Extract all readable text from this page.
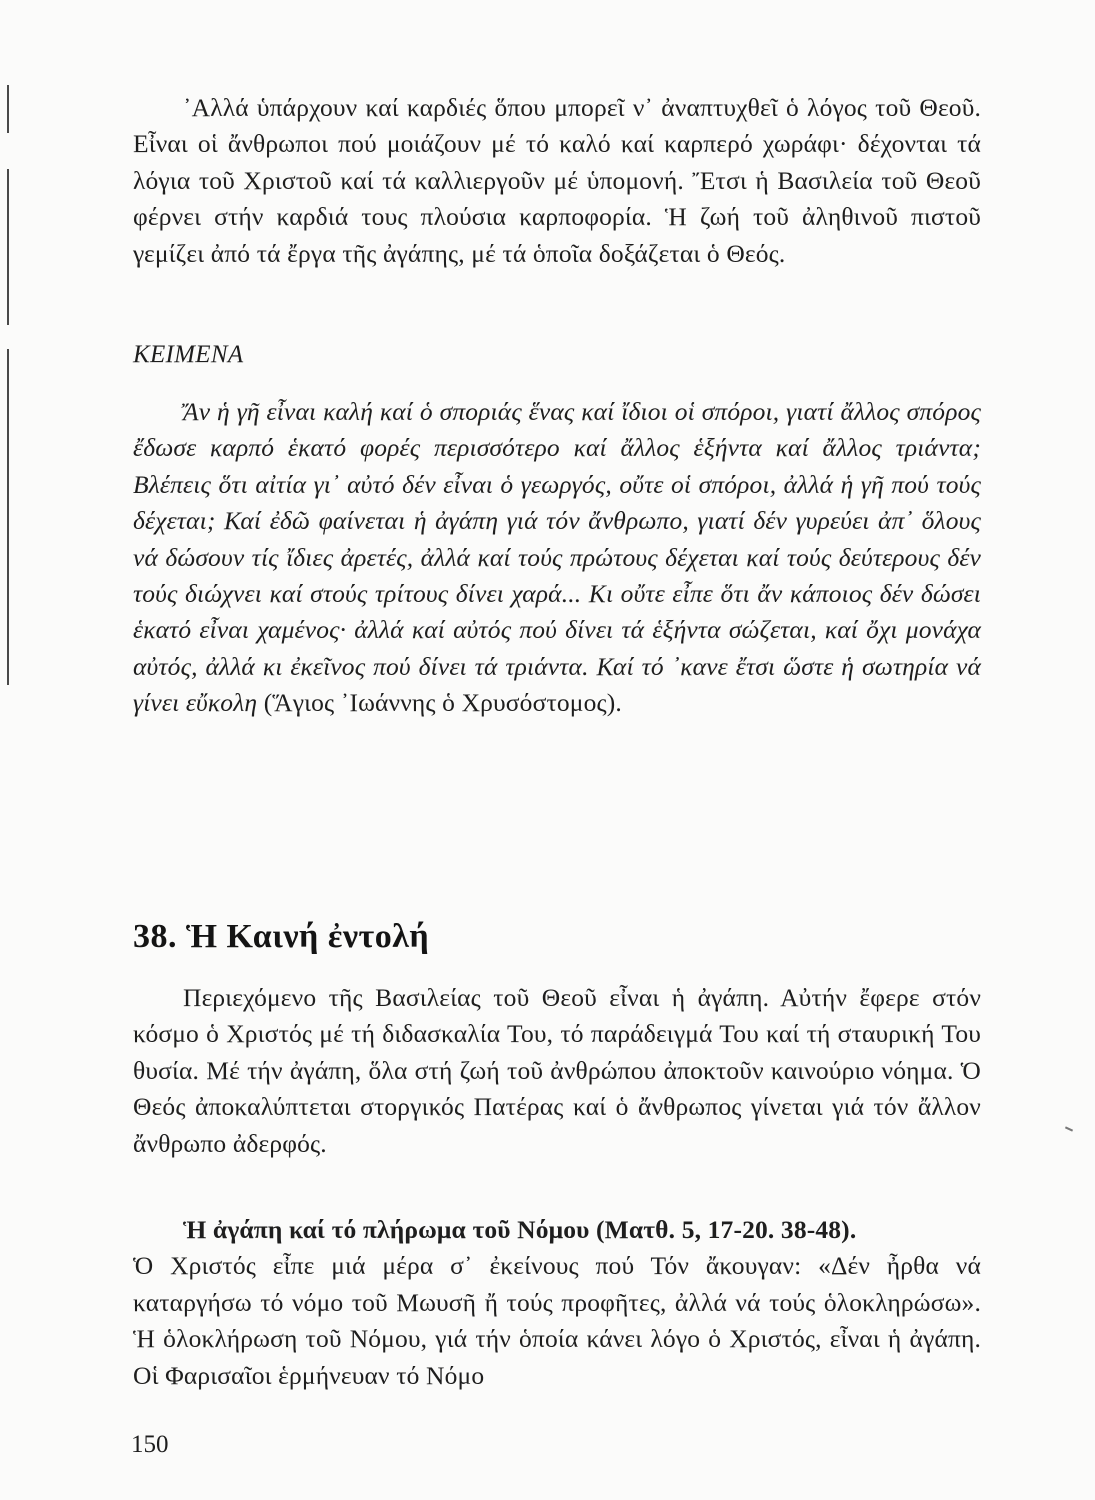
᾿Αλλά ὑπάρχουν καί καρδιές ὅπου μπορεῖ ν᾿ ἀναπτυχθεῖ ὁ λόγος τοῦ Θεοῦ. Εἶναι οἱ ἄνθρωποι πού μοιάζουν μέ τό καλό καί καρπερό χωράφι· δέχονται τά λόγια τοῦ Χριστοῦ καί τά καλλιεργοῦν μέ ὑπομονή. Ἔτσι ἡ Βασιλεία τοῦ Θεοῦ φέρνει στήν καρδιά τους πλούσια καρποφορία. Ἡ ζωή τοῦ ἀληθινοῦ πιστοῦ γεμίζει ἀπό τά ἔργα τῆς ἀγάπης, μέ τά ὁποῖα δοξάζεται ὁ Θεός.

ΚΕΙΜΕΝΑ

Ἄν ἡ γῆ εἶναι καλή καί ὁ σποριάς ἕνας καί ἴδιοι οἱ σπόροι, γιατί ἄλλος σπόρος ἔδωσε καρπό ἑκατό φορές περισσότερο καί ἄλλος ἑξήντα καί ἄλλος τριάντα; Βλέπεις ὅτι αἰτία γι᾿ αὐτό δέν εἶναι ὁ γεωργός, οὔτε οἱ σπόροι, ἀλλά ἡ γῆ πού τούς δέχεται; Καί ἐδῶ φαίνεται ἡ ἀγάπη γιά τόν ἄνθρωπο, γιατί δέν γυρεύει ἀπ᾿ ὅλους νά δώσουν τίς ἴδιες ἀρετές, ἀλλά καί τούς πρώτους δέχεται καί τούς δεύτερους δέν τούς διώχνει καί στούς τρίτους δίνει χαρά... Κι οὔτε εἶπε ὅτι ἄν κάποιος δέν δώσει ἑκατό εἶναι χαμένος· ἀλλά καί αὐτός πού δίνει τά ἑξήντα σώζεται, καί ὄχι μονάχα αὐτός, ἀλλά κι ἐκεῖνος πού δίνει τά τριάντα. Καί τό ᾿κανε ἔτσι ὥστε ἡ σωτηρία νά γίνει εὔκολη (Ἅγιος ᾿Ιωάννης ὁ Χρυσόστομος).

38. Ἡ Καινή ἐντολή

Περιεχόμενο τῆς Βασιλείας τοῦ Θεοῦ εἶναι ἡ ἀγάπη. Αὐτήν ἔφερε στόν κόσμο ὁ Χριστός μέ τή διδασκαλία Του, τό παράδειγμά Του καί τή σταυρική Του θυσία. Μέ τήν ἀγάπη, ὅλα στή ζωή τοῦ ἀνθρώπου ἀποκτοῦν καινούριο νόημα. Ὁ Θεός ἀποκαλύπτεται στοργικός Πατέρας καί ὁ ἄνθρωπος γίνεται γιά τόν ἄλλον ἄνθρωπο ἀδερφός.

Ἡ ἀγάπη καί τό πλήρωμα τοῦ Νόμου (Ματθ. 5, 17-20. 38-48).

Ὁ Χριστός εἶπε μιά μέρα σ᾿ ἐκείνους πού Τόν ἄκουγαν: «Δέν ἦρθα νά καταργήσω τό νόμο τοῦ Μωυσῆ ἤ τούς προφῆτες, ἀλλά νά τούς ὁλοκληρώσω». Ἡ ὁλοκλήρωση τοῦ Νόμου, γιά τήν ὁποία κάνει λόγο ὁ Χριστός, εἶναι ἡ ἀγάπη. Οἱ Φαρισαῖοι ἑρμήνευαν τό Νόμο

150
